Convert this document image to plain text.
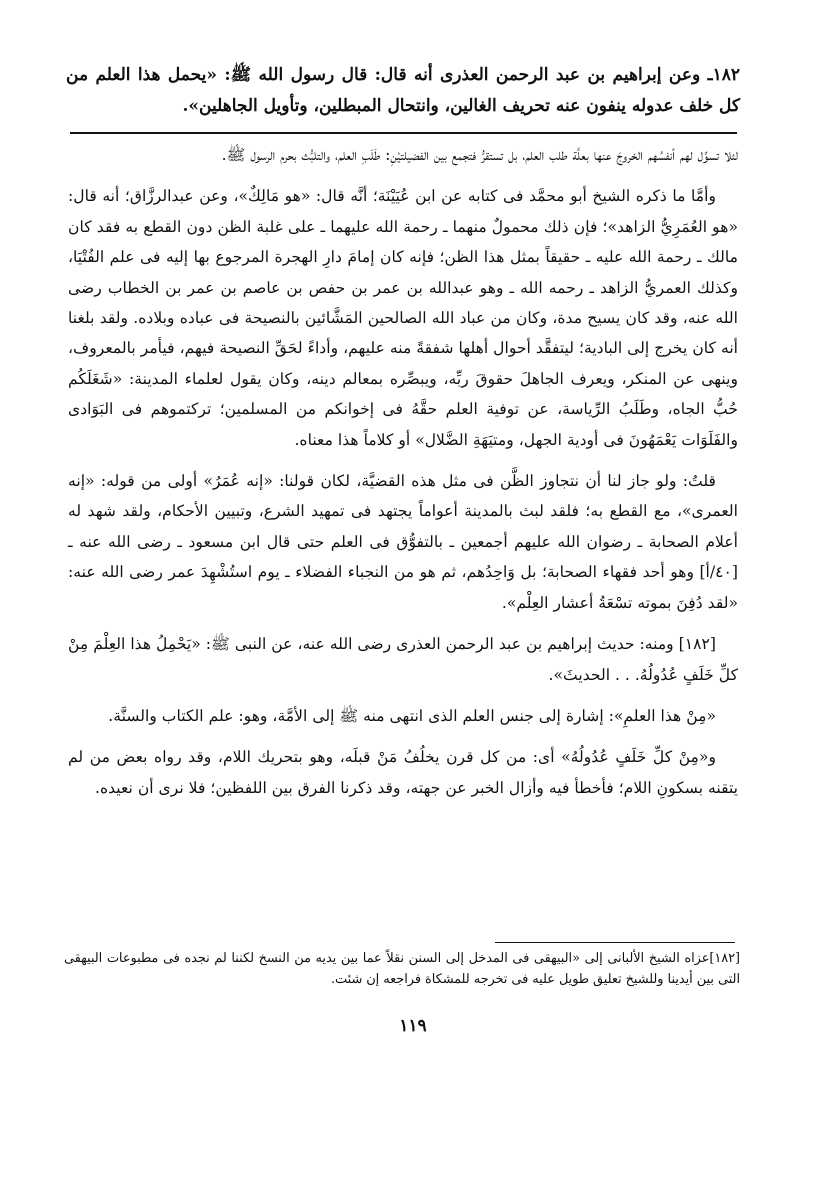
١٨٢ـ وعن إبراهيم بن عبد الرحمن العذرى أنه قال: قال رسول الله ﷺ: «يحمل هذا العلم من كل خلف عدوله ينفون عنه تحريف الغالين، وانتحال المبطلين، وتأويل الجاهلين».

لئلا تسوِّل لهم أنفسُهم الخروجَ عنها بعلَّة طلب العلم، بل تستقرُّ فتجمع بين الفضيلتيْنِ: طَلَبِ العلم، والتلبُّث بحرم الرسول ﷺ.

وأمَّا ما ذكره الشيخ أبو محمَّد فى كتابه عن ابن عُيَيْنَة؛ أنَّه قال: «هو مَالِكٌ»، وعن عبدالرزَّاق؛ أنه قال: «هو العُمَرِيُّ الزاهد»؛ فإن ذلك محمولٌ منهما ـ رحمة الله عليهما ـ على غلبة الظن دون القطع به فقد كان مالك ـ رحمة الله عليه ـ حقيقاً بمثل هذا الظن؛ فإنه كان إمامَ دارِ الهجرة المرجوع بها إليه فى علم الفُتْيَا، وكذلك العمريُّ الزاهد ـ رحمه الله ـ وهو عبدالله بن عمر بن حفص بن عاصم بن عمر بن الخطاب رضى الله عنه، وقد كان يسيح مدة، وكان من عباد الله الصالحين المَشَّائين بالنصيحة فى عباده وبلاده. ولقد بلغنا أنه كان يخرج إلى البادية؛ ليتفقَّد أحوال أهلها شفقةً منه عليهم، وأداءً لحَقِّ النصيحة فيهم، فيأمر بالمعروف، وينهى عن المنكر، ويعرف الجاهلَ حقوقَ ربِّه، ويبصِّره بمعالم دينه، وكان يقول لعلماء المدينة: «شَغَلَكُم حُبُّ الجاه، وطَلَبُ الرِّياسة، عن توفية العلم حقَّهُ فى إخوانكم من المسلمين؛ تركتموهم فى البَوَادى والفَلَوَات يَعْمَهُونَ فى أودية الجهل، ومتيَهَةِ الضَّلال» أو كلاماً هذا معناه.

قلتُ: ولو جاز لنا أن نتجاوز الظَّن فى مثل هذه القضيَّة، لكان قولنا: «إنه عُمَرُ» أولى من قوله: «إنه العمرى»، مع القطع به؛ فلقد لبث بالمدينة أعواماً يجتهد فى تمهيد الشرع، وتبيين الأحكام، ولقد شهد له أعلام الصحابة ـ رضوان الله عليهم أجمعين ـ بالتفوُّق فى العلم حتى قال ابن مسعود ـ رضى الله عنه ـ [٤٠/أ] وهو أحد فقهاء الصحابة؛ بل وَاحِدُهم، ثم هو من النجباء الفضلاء ـ يوم استُشْهِدَ عمر رضى الله عنه: «لقد دُفِنَ بموته تسْعَةُ أعشار العِلْم».

[١٨٢] ومنه: حديث إبراهيم بن عبد الرحمن العذرى رضى الله عنه، عن النبى ﷺ: «يَحْمِلُ هذا العِلْمَ مِنْ كلِّ خَلَفٍ عُدُولُهُ. . . الحديثَ».

«مِنْ هذا العلمِ»: إشارة إلى جنس العلم الذى انتهى منه ﷺ إلى الأمَّة، وهو: علم الكتاب والسنَّة.

و«مِنْ كلِّ خَلَفٍ عُدُولُهُ» أى: من كل قرن يخلُفُ مَنْ قبلَه، وهو بتحريك اللام، وقد رواه بعض من لم يتقنه بسكونِ اللام؛ فأخطأ فيه وأزال الخبر عن جهته، وقد ذكرنا الفرق بين اللفظين؛ فلا نرى أن نعيده.

[١٨٢]عزاه الشيخ الألبانى إلى «البيهقى فى المدخل إلى السنن نقلاً عما بين يديه من النسخ لكننا لم نجده فى مطبوعات البيهقى التى بين أيدينا وللشيخ تعليق طويل عليه فى تخرجه للمشكاة فراجعه إن شئت.
١١٩
